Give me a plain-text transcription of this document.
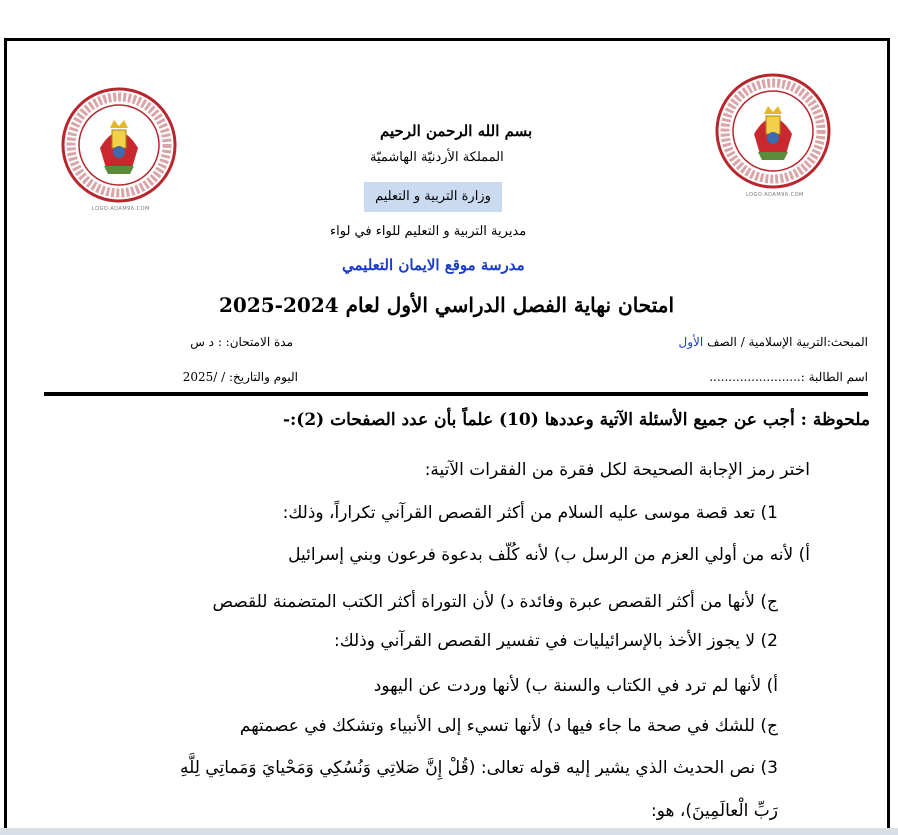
LOGO.ADAM96.COM
LOGO.ADAM96.COM
بسم الله الرحمن الرحيم
المملكة الأردنيّة الهاشميّة
وزارة التربية و التعليم
مديرية التربية و التعليم للواء في لواء
مدرسة موقع الايمان التعليمي
امتحان نهاية الفصل الدراسي الأول لعام 2024-2025
المبحث:التربية الإسلامية / الصف الأول
مدة الامتحان: : د س
اسم الطالبة :........................
اليوم والتاريخ: / /2025
ملحوظة : أجب عن جميع الأسئلة الآتية وعددها (10) علماً بأن عدد الصفحات (2):-
اختر رمز الإجابة الصحيحة لكل فقرة من الفقرات الآتية:
1) تعد قصة موسى عليه السلام من أكثر القصص القرآني تكراراً، وذلك:
أ) لأنه من أولي العزم من الرسل ب) لأنه كُلّف بدعوة فرعون وبني إسرائيل
ج) لأنها من أكثر القصص عبرة وفائدة د) لأن التوراة أكثر الكتب المتضمنة للقصص
2) لا يجوز الأخذ بالإسرائيليات في تفسير القصص القرآني وذلك:
أ) لأنها لم ترد في الكتاب والسنة ب) لأنها وردت عن اليهود
ج) للشك في صحة ما جاء فيها د) لأنها تسيء إلى الأنبياء وتشكك في عصمتهم
3) نص الحديث الذي يشير إليه قوله تعالى: (قُلْ إِنَّ صَلاتِي وَنُسُكِي وَمَحْيايَ وَمَماتِي لِلَّهِ
رَبِّ الْعالَمِينَ)، هو:
